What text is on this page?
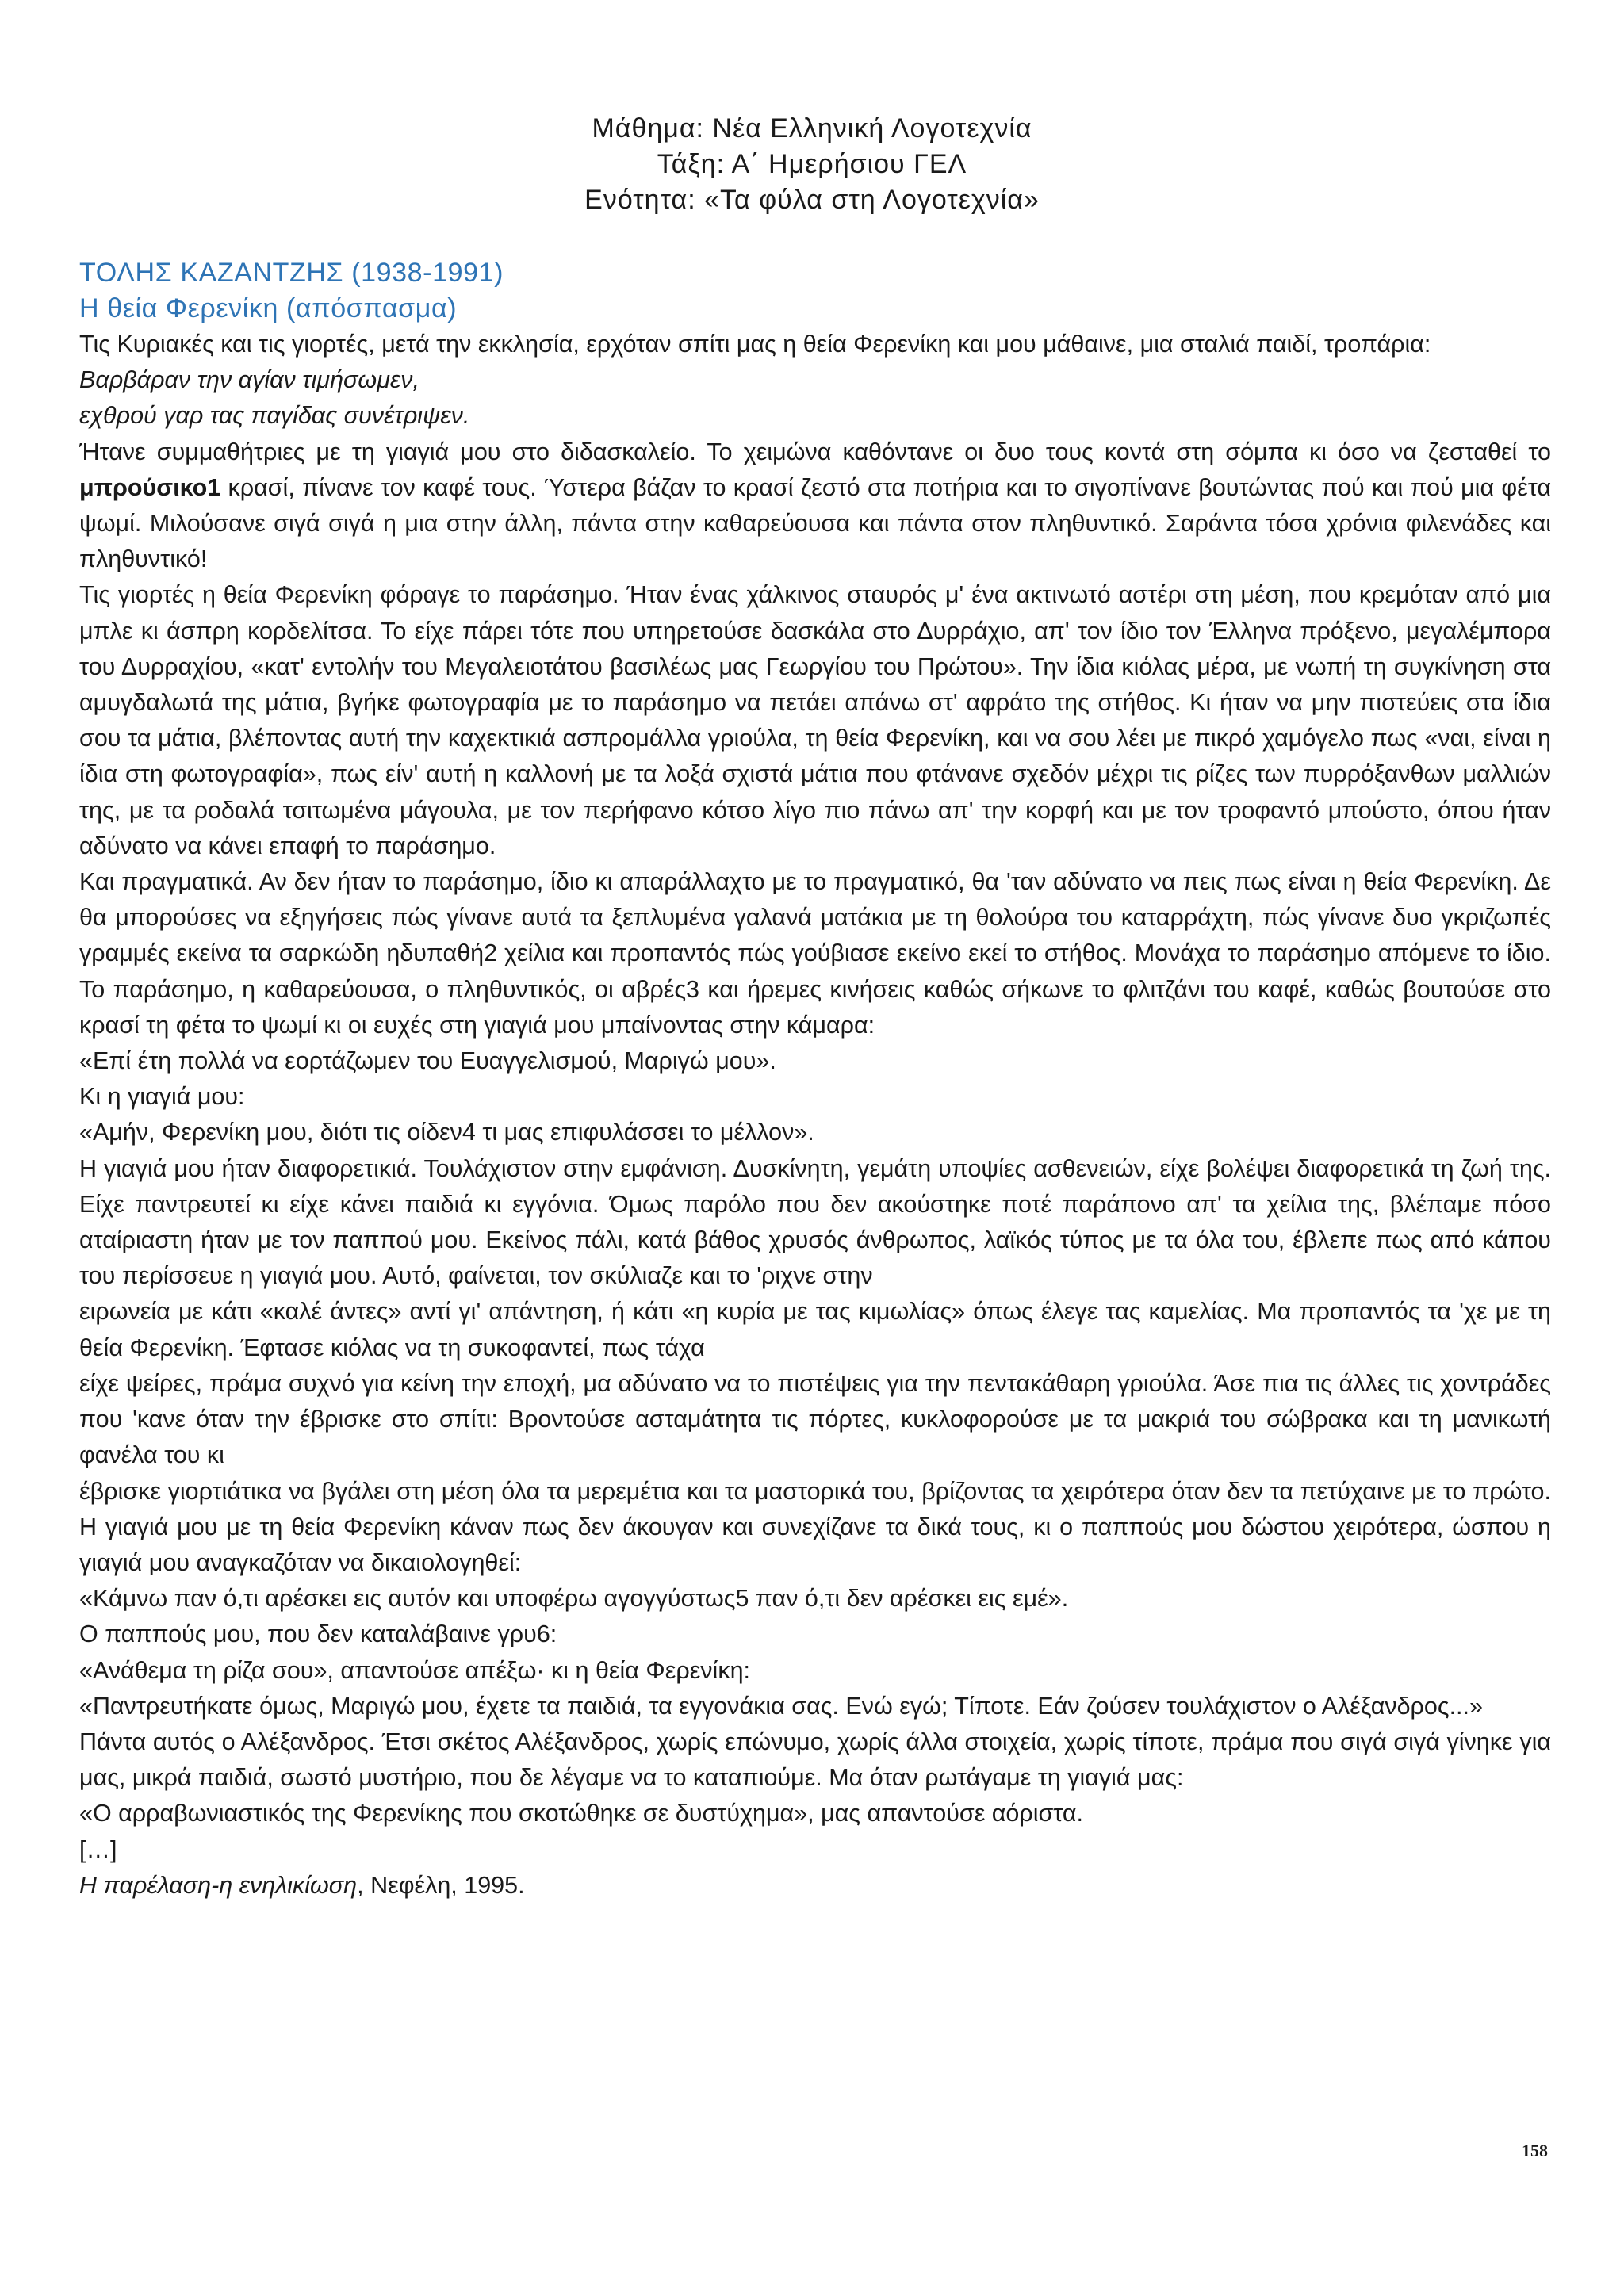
Μάθημα: Νέα Ελληνική Λογοτεχνία
Τάξη: Α΄ Ημερήσιου ΓΕΛ
Ενότητα: «Τα φύλα στη Λογοτεχνία»

ΤΟΛΗΣ ΚΑΖΑΝΤΖΗΣ (1938-1991)

Η θεία Φερενίκη (απόσπασμα)

Τις Κυριακές και τις γιορτές, μετά την εκκλησία, ερχόταν σπίτι μας η θεία Φερενίκη και μου μάθαινε, μια σταλιά παιδί, τροπάρια:

Βαρβάραν την αγίαν τιμήσωμεν,

εχθρού γαρ τας παγίδας συνέτριψεν.

Ήτανε συμμαθήτριες με τη γιαγιά μου στο διδασκαλείο. Το χειμώνα καθόντανε οι δυο τους κοντά στη σόμπα κι όσο να ζεσταθεί το μπρούσικο1 κρασί, πίνανε τον καφέ τους. Ύστερα βάζαν το κρασί ζεστό στα ποτήρια και το σιγοπίνανε βουτώντας πού και πού μια φέτα ψωμί. Μιλούσανε σιγά σιγά η μια στην άλλη, πάντα στην καθαρεύουσα και πάντα στον πληθυντικό. Σαράντα τόσα χρόνια φιλενάδες και πληθυντικό!

Τις γιορτές η θεία Φερενίκη φόραγε το παράσημο. Ήταν ένας χάλκινος σταυρός μ' ένα ακτινωτό αστέρι στη μέση, που κρεμόταν από μια μπλε κι άσπρη κορδελίτσα. Το είχε πάρει τότε που υπηρετούσε δασκάλα στο Δυρράχιο, απ' τον ίδιο τον Έλληνα πρόξενο, μεγαλέμπορα του Δυρραχίου, «κατ' εντολήν του Μεγαλειοτάτου βασιλέως μας Γεωργίου του Πρώτου». Την ίδια κιόλας μέρα, με νωπή τη συγκίνηση στα αμυγδαλωτά της μάτια, βγήκε φωτογραφία με το παράσημο να πετάει απάνω στ' αφράτο της στήθος. Κι ήταν να μην πιστεύεις στα ίδια σου τα μάτια, βλέποντας αυτή την καχεκτικιά ασπρομάλλα γριούλα, τη θεία Φερενίκη, και να σου λέει με πικρό χαμόγελο πως «ναι, είναι η ίδια στη φωτογραφία», πως είν' αυτή η καλλονή με τα λοξά σχιστά μάτια που φτάνανε σχεδόν μέχρι τις ρίζες των πυρρόξανθων μαλλιών της, με τα ροδαλά τσιτωμένα μάγουλα, με τον περήφανο κότσο λίγο πιο πάνω απ' την κορφή και με τον τροφαντό μπούστο, όπου ήταν αδύνατο να κάνει επαφή το παράσημο.

Και πραγματικά. Αν δεν ήταν το παράσημο, ίδιο κι απαράλλαχτο με το πραγματικό, θα 'ταν αδύνατο να πεις πως είναι η θεία Φερενίκη. Δε θα μπορούσες να εξηγήσεις πώς γίνανε αυτά τα ξεπλυμένα γαλανά ματάκια με τη θολούρα του καταρράχτη, πώς γίνανε δυο γκριζωπές γραμμές εκείνα τα σαρκώδη ηδυπαθή2 χείλια και προπαντός πώς γούβιασε εκείνο εκεί το στήθος. Μονάχα το παράσημο απόμενε το ίδιο. Το παράσημο, η καθαρεύουσα, ο πληθυντικός, οι αβρές3 και ήρεμες κινήσεις καθώς σήκωνε το φλιτζάνι του καφέ, καθώς βουτούσε στο κρασί τη φέτα το ψωμί κι οι ευχές στη γιαγιά μου μπαίνοντας στην κάμαρα:

«Επί έτη πολλά να εορτάζωμεν του Ευαγγελισμού, Μαριγώ μου».

Κι η γιαγιά μου:

«Αμήν, Φερενίκη μου, διότι τις οίδεν4 τι μας επιφυλάσσει το μέλλον».

Η γιαγιά μου ήταν διαφορετικιά. Τουλάχιστον στην εμφάνιση. Δυσκίνητη, γεμάτη υποψίες ασθενειών, είχε βολέψει διαφορετικά τη ζωή της. Είχε παντρευτεί κι είχε κάνει παιδιά κι εγγόνια. Όμως παρόλο που δεν ακούστηκε ποτέ παράπονο απ' τα χείλια της, βλέπαμε πόσο αταίριαστη ήταν με τον παππού μου. Εκείνος πάλι, κατά βάθος χρυσός άνθρωπος, λαϊκός τύπος με τα όλα του, έβλεπε πως από κάπου του περίσσευε η γιαγιά μου. Αυτό, φαίνεται, τον σκύλιαζε και το 'ριχνε στην

ειρωνεία με κάτι «καλέ άντες» αντί γι' απάντηση, ή κάτι «η κυρία με τας κιμωλίας» όπως έλεγε τας καμελίας. Μα προπαντός τα 'χε με τη θεία Φερενίκη. Έφτασε κιόλας να τη συκοφαντεί, πως τάχα

είχε ψείρες, πράμα συχνό για κείνη την εποχή, μα αδύνατο να το πιστέψεις για την πεντακάθαρη γριούλα. Άσε πια τις άλλες τις χοντράδες που 'κανε όταν την έβρισκε στο σπίτι: Βροντούσε ασταμάτητα τις πόρτες, κυκλοφορούσε με τα μακριά του σώβρακα και τη μανικωτή φανέλα του κι

έβρισκε γιορτιάτικα να βγάλει στη μέση όλα τα μερεμέτια και τα μαστορικά του, βρίζοντας τα χειρότερα όταν δεν τα πετύχαινε με το πρώτο. Η γιαγιά μου με τη θεία Φερενίκη κάναν πως δεν άκουγαν και συνεχίζανε τα δικά τους, κι ο παππούς μου δώστου χειρότερα, ώσπου η γιαγιά μου αναγκαζόταν να δικαιολογηθεί:

«Κάμνω παν ό,τι αρέσκει εις αυτόν και υποφέρω αγογγύστως5 παν ό,τι δεν αρέσκει εις εμέ».

Ο παππούς μου, που δεν καταλάβαινε γρυ6:

«Ανάθεμα τη ρίζα σου», απαντούσε απέξω· κι η θεία Φερενίκη:

«Παντρευτήκατε όμως, Μαριγώ μου, έχετε τα παιδιά, τα εγγονάκια σας. Ενώ εγώ; Τίποτε. Εάν ζούσεν τουλάχιστον ο Αλέξανδρος...»

Πάντα αυτός ο Αλέξανδρος. Έτσι σκέτος Αλέξανδρος, χωρίς επώνυμο, χωρίς άλλα στοιχεία, χωρίς τίποτε, πράμα που σιγά σιγά γίνηκε για μας, μικρά παιδιά, σωστό μυστήριο, που δε λέγαμε να το καταπιούμε. Μα όταν ρωτάγαμε τη γιαγιά μας:

«Ο αρραβωνιαστικός της Φερενίκης που σκοτώθηκε σε δυστύχημα», μας απαντούσε αόριστα.

[…]

Η παρέλαση-η ενηλικίωση, Νεφέλη, 1995.

158
